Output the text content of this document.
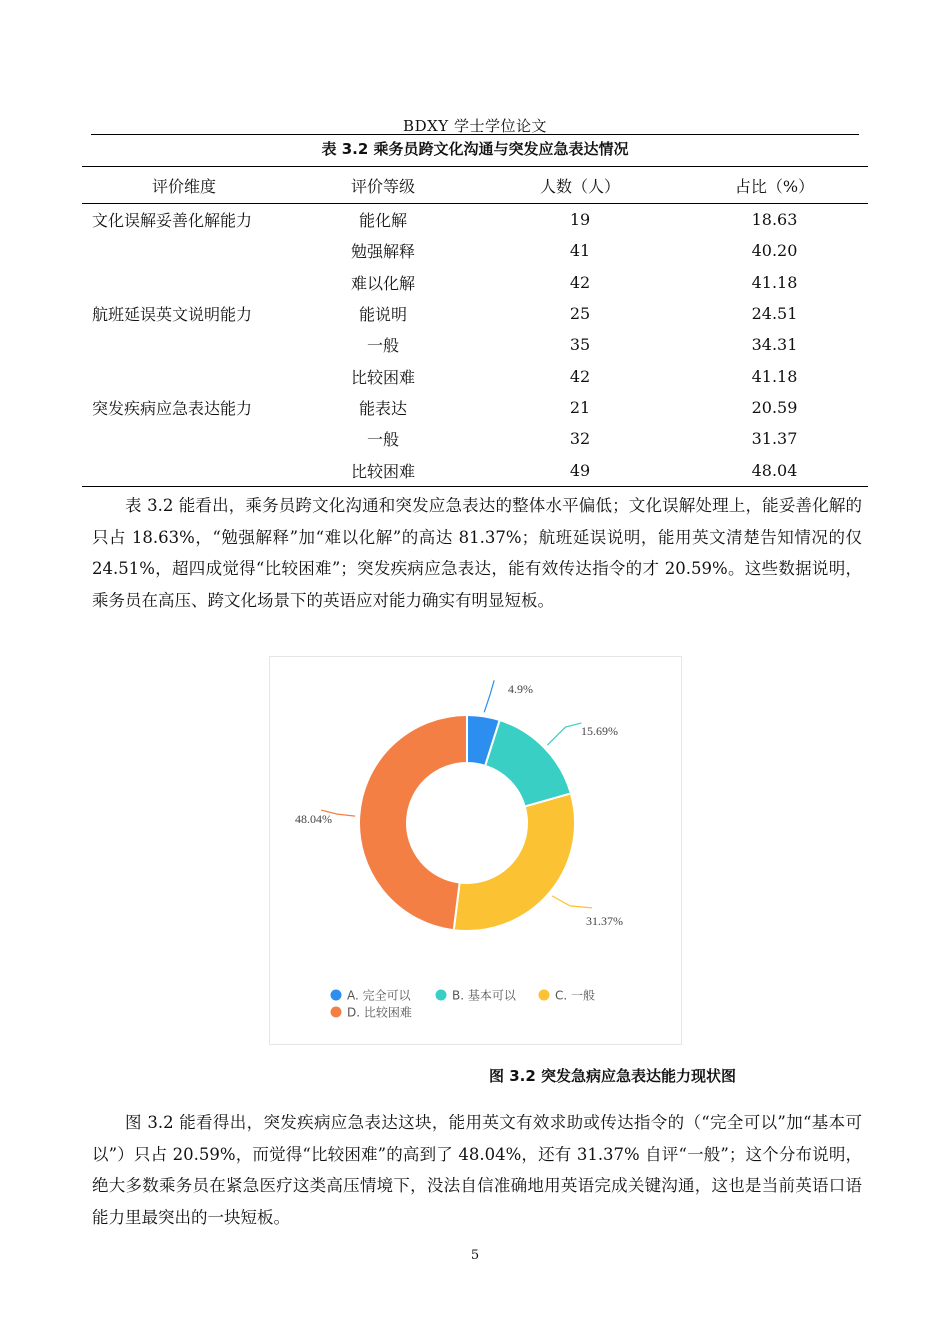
BDXY 学士学位论文
表 3.2 乘务员跨文化沟通与突发应急表达情况
评价维度	评价等级	人数（人）	占比（%）
文化误解妥善化解能力	能化解	19	18.63
	勉强解释	41	40.20
	难以化解	42	41.18
航班延误英文说明能力	能说明	25	24.51
	一般	35	34.31
	比较困难	42	41.18
突发疾病应急表达能力	能表达	21	20.59
	一般	32	31.37
	比较困难	49	48.04

表 3.2 能看出，乘务员跨文化沟通和突发应急表达的整体水平偏低；文化误解处理上，能妥善化解的只占 18.63%，“勉强解释”加“难以化解”的高达 81.37%；航班延误说明，能用英文清楚告知情况的仅 24.51%，超四成觉得“比较困难”；突发疾病应急表达，能有效传达指令的才 20.59%。这些数据说明，乘务员在高压、跨文化场景下的英语应对能力确实有明显短板。

4.9%
15.69%
31.37%
48.04%
A. 完全可以	B. 基本可以	C. 一般
D. 比较困难
图 3.2 突发急病应急表达能力现状图

图 3.2 能看得出，突发疾病应急表达这块，能用英文有效求助或传达指令的（“完全可以”加“基本可以”）只占 20.59%，而觉得“比较困难”的高到了 48.04%，还有 31.37% 自评“一般”；这个分布说明，绝大多数乘务员在紧急医疗这类高压情境下，没法自信准确地用英语完成关键沟通，这也是当前英语口语能力里最突出的一块短板。

5
